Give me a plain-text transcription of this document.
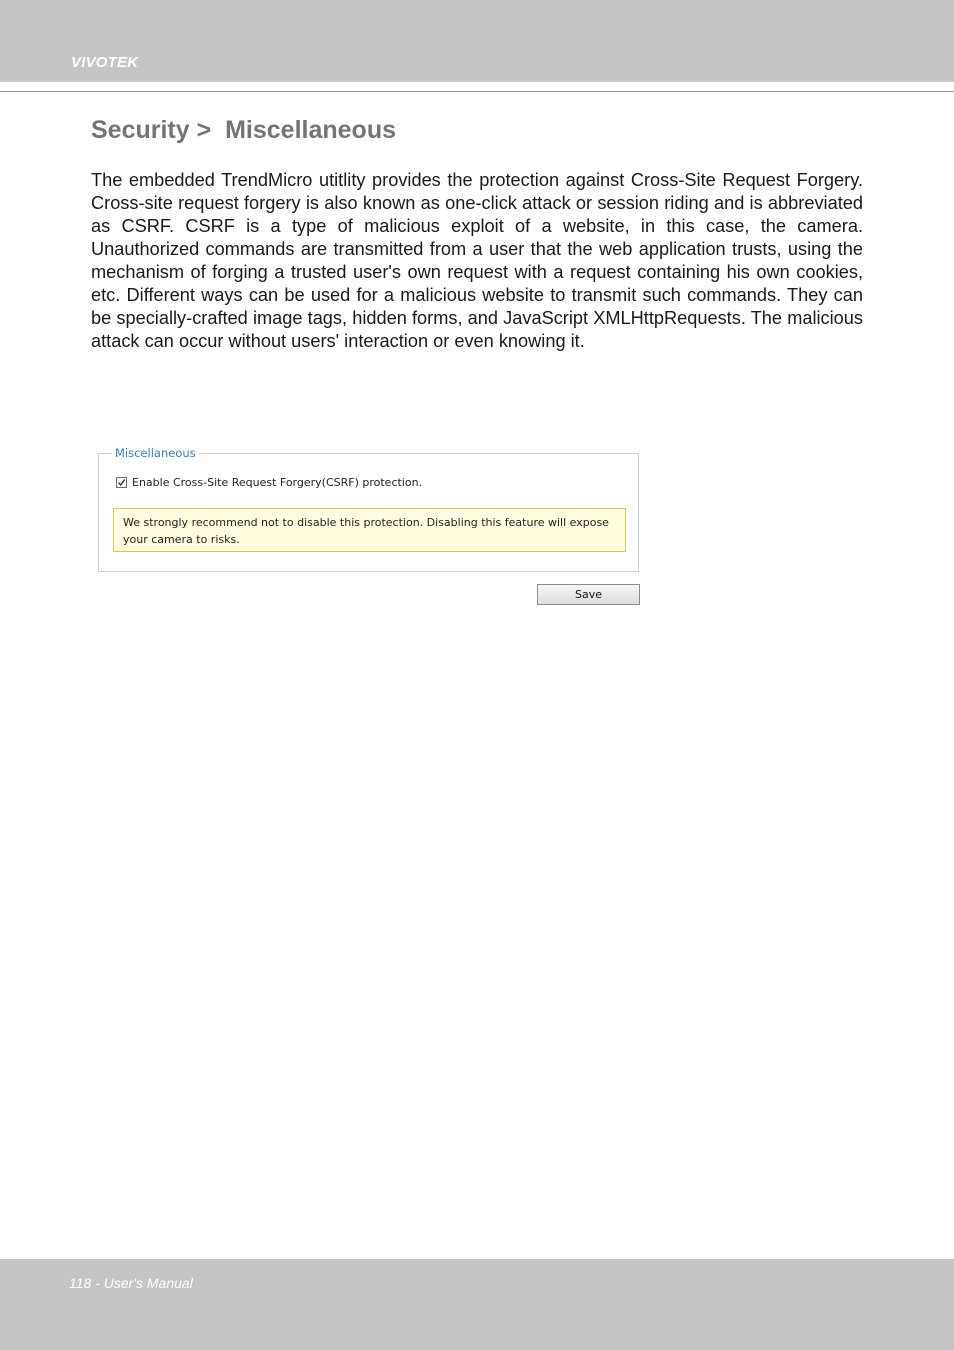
VIVOTEK
Security >  Miscellaneous

The embedded TrendMicro utitlity provides the protection against Cross-Site Request Forgery. Cross-site request forgery is also known as one-click attack or session riding and is abbreviated as CSRF. CSRF is a type of malicious exploit of a website, in this case, the camera. Unauthorized commands are transmitted from a user that the web application trusts, using the mechanism of forging a trusted user's own request with a request containing his own cookies, etc. Different ways can be used for a malicious website to transmit such commands. They can be specially-crafted image tags, hidden forms, and JavaScript XMLHttpRequests. The malicious attack can occur without users' interaction or even knowing it.

Miscellaneous
Enable Cross-Site Request Forgery(CSRF) protection.
We strongly recommend not to disable this protection. Disabling this feature will expose your camera to risks.
Save
118 - User's Manual
